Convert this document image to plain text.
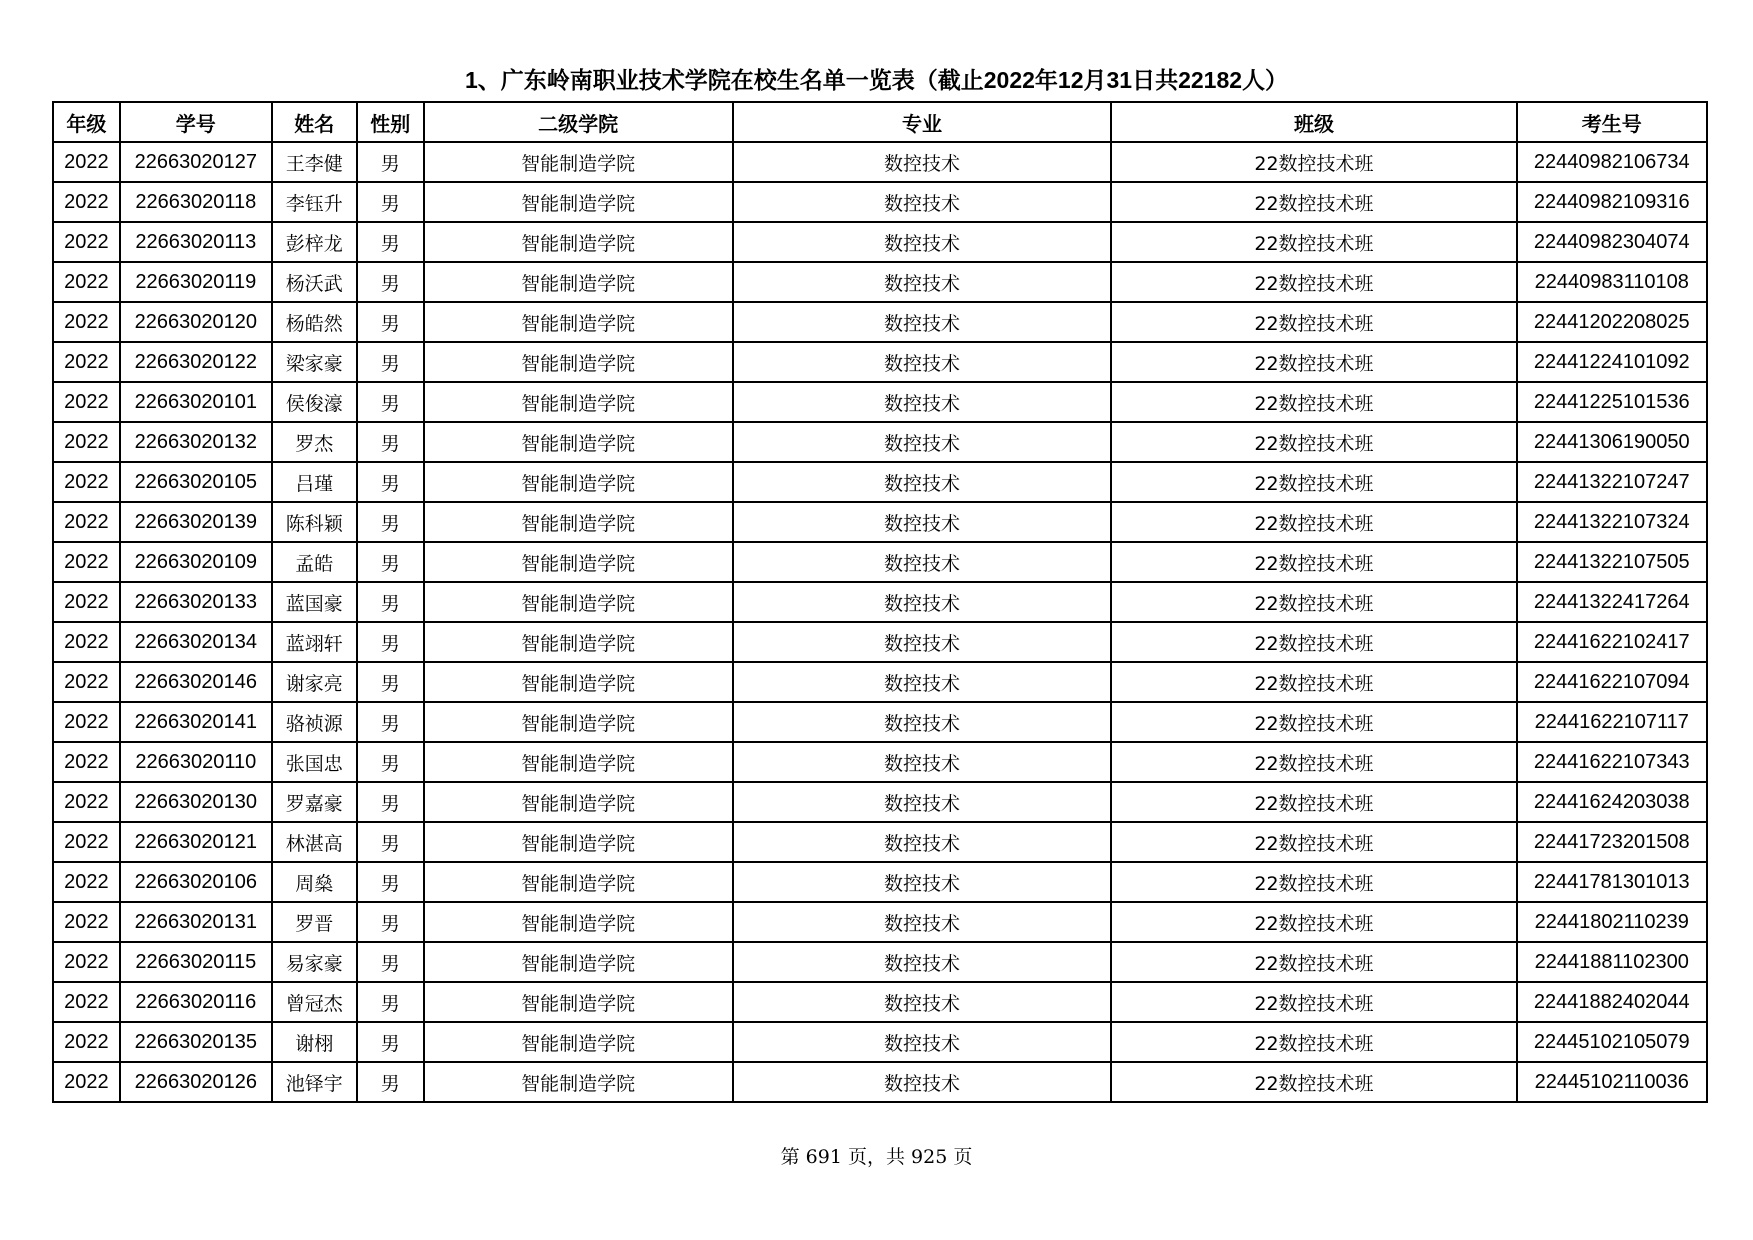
1、广东岭南职业技术学院在校生名单一览表（截止2022年12月31日共22182人）
年级	学号	姓名	性别	二级学院	专业	班级	考生号
2022	22663020127	王李健	男	智能制造学院	数控技术	22数控技术班	22440982106734
2022	22663020118	李钰升	男	智能制造学院	数控技术	22数控技术班	22440982109316
2022	22663020113	彭梓龙	男	智能制造学院	数控技术	22数控技术班	22440982304074
2022	22663020119	杨沃武	男	智能制造学院	数控技术	22数控技术班	22440983110108
2022	22663020120	杨皓然	男	智能制造学院	数控技术	22数控技术班	22441202208025
2022	22663020122	梁家豪	男	智能制造学院	数控技术	22数控技术班	22441224101092
2022	22663020101	侯俊濠	男	智能制造学院	数控技术	22数控技术班	22441225101536
2022	22663020132	罗杰	男	智能制造学院	数控技术	22数控技术班	22441306190050
2022	22663020105	吕瑾	男	智能制造学院	数控技术	22数控技术班	22441322107247
2022	22663020139	陈科颖	男	智能制造学院	数控技术	22数控技术班	22441322107324
2022	22663020109	孟皓	男	智能制造学院	数控技术	22数控技术班	22441322107505
2022	22663020133	蓝国豪	男	智能制造学院	数控技术	22数控技术班	22441322417264
2022	22663020134	蓝翊轩	男	智能制造学院	数控技术	22数控技术班	22441622102417
2022	22663020146	谢家亮	男	智能制造学院	数控技术	22数控技术班	22441622107094
2022	22663020141	骆祯源	男	智能制造学院	数控技术	22数控技术班	22441622107117
2022	22663020110	张国忠	男	智能制造学院	数控技术	22数控技术班	22441622107343
2022	22663020130	罗嘉豪	男	智能制造学院	数控技术	22数控技术班	22441624203038
2022	22663020121	林湛高	男	智能制造学院	数控技术	22数控技术班	22441723201508
2022	22663020106	周燊	男	智能制造学院	数控技术	22数控技术班	22441781301013
2022	22663020131	罗晋	男	智能制造学院	数控技术	22数控技术班	22441802110239
2022	22663020115	易家豪	男	智能制造学院	数控技术	22数控技术班	22441881102300
2022	22663020116	曾冠杰	男	智能制造学院	数控技术	22数控技术班	22441882402044
2022	22663020135	谢栩	男	智能制造学院	数控技术	22数控技术班	22445102105079
2022	22663020126	池铎宇	男	智能制造学院	数控技术	22数控技术班	22445102110036

第 691 页，共 925 页
